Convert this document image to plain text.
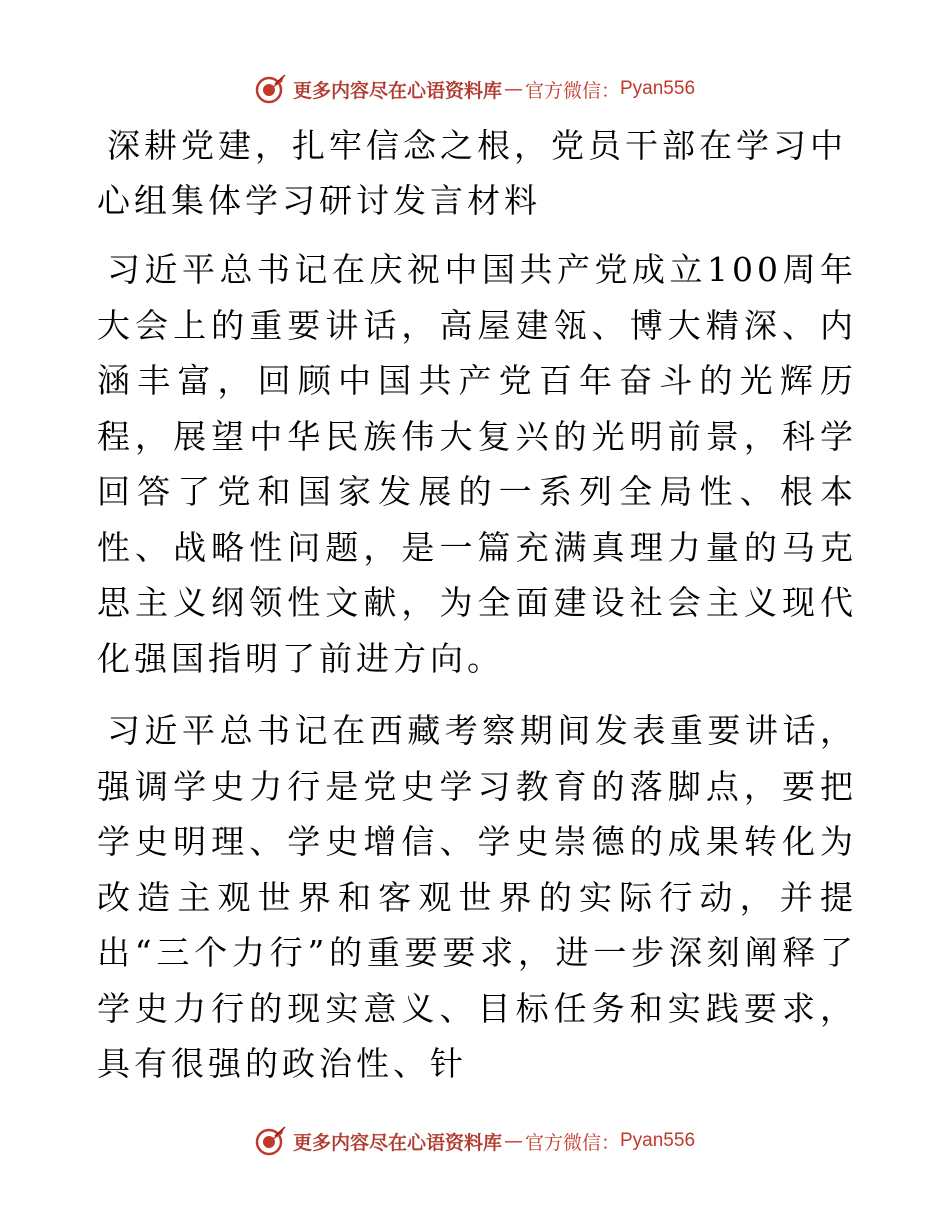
更多内容尽在心语资料库 — 官方微信： Pyan556
深耕党建，扎牢信念之根，党员干部在学习中心组集体学习研讨发言材料

习近平总书记在庆祝中国共产党成立100周年大会上的重要讲话，高屋建瓴、博大精深、内涵丰富，回顾中国共产党百年奋斗的光辉历程，展望中华民族伟大复兴的光明前景，科学回答了党和国家发展的一系列全局性、根本性、战略性问题，是一篇充满真理力量的马克思主义纲领性文献，为全面建设社会主义现代化强国指明了前进方向。

习近平总书记在西藏考察期间发表重要讲话，强调学史力行是党史学习教育的落脚点，要把学史明理、学史增信、学史崇德的成果转化为改造主观世界和客观世界的实际行动，并提出“三个力行”的重要要求，进一步深刻阐释了学史力行的现实意义、目标任务和实践要求，具有很强的政治性、针

更多内容尽在心语资料库 — 官方微信： Pyan556
